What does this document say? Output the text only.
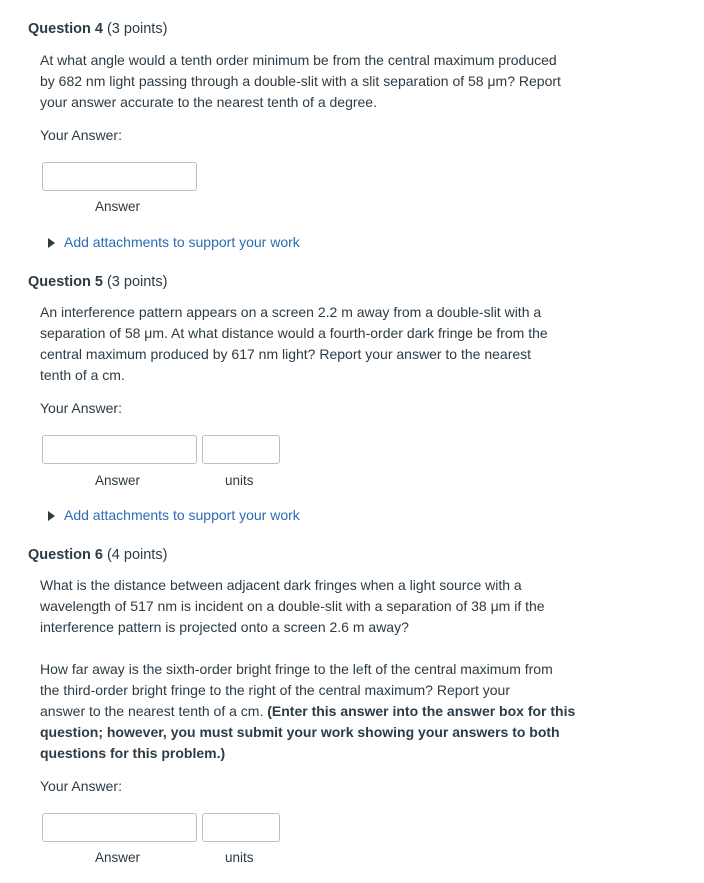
Question 4 (3 points)
At what angle would a tenth order minimum be from the central maximum produced
by 682 nm light passing through a double-slit with a slit separation of 58 μm? Report
your answer accurate to the nearest tenth of a degree.
Your Answer:
Answer
Add attachments to support your work
Question 5 (3 points)
An interference pattern appears on a screen 2.2 m away from a double-slit with a
separation of 58 μm. At what distance would a fourth-order dark fringe be from the
central maximum produced by 617 nm light? Report your answer to the nearest
tenth of a cm.
Your Answer:
Answer	units
Add attachments to support your work
Question 6 (4 points)
What is the distance between adjacent dark fringes when a light source with a
wavelength of 517 nm is incident on a double-slit with a separation of 38 μm if the
interference pattern is projected onto a screen 2.6 m away?
How far away is the sixth-order bright fringe to the left of the central maximum from
the third-order bright fringe to the right of the central maximum? Report your
answer to the nearest tenth of a cm. (Enter this answer into the answer box for this
question; however, you must submit your work showing your answers to both
questions for this problem.)
Your Answer:
Answer	units
